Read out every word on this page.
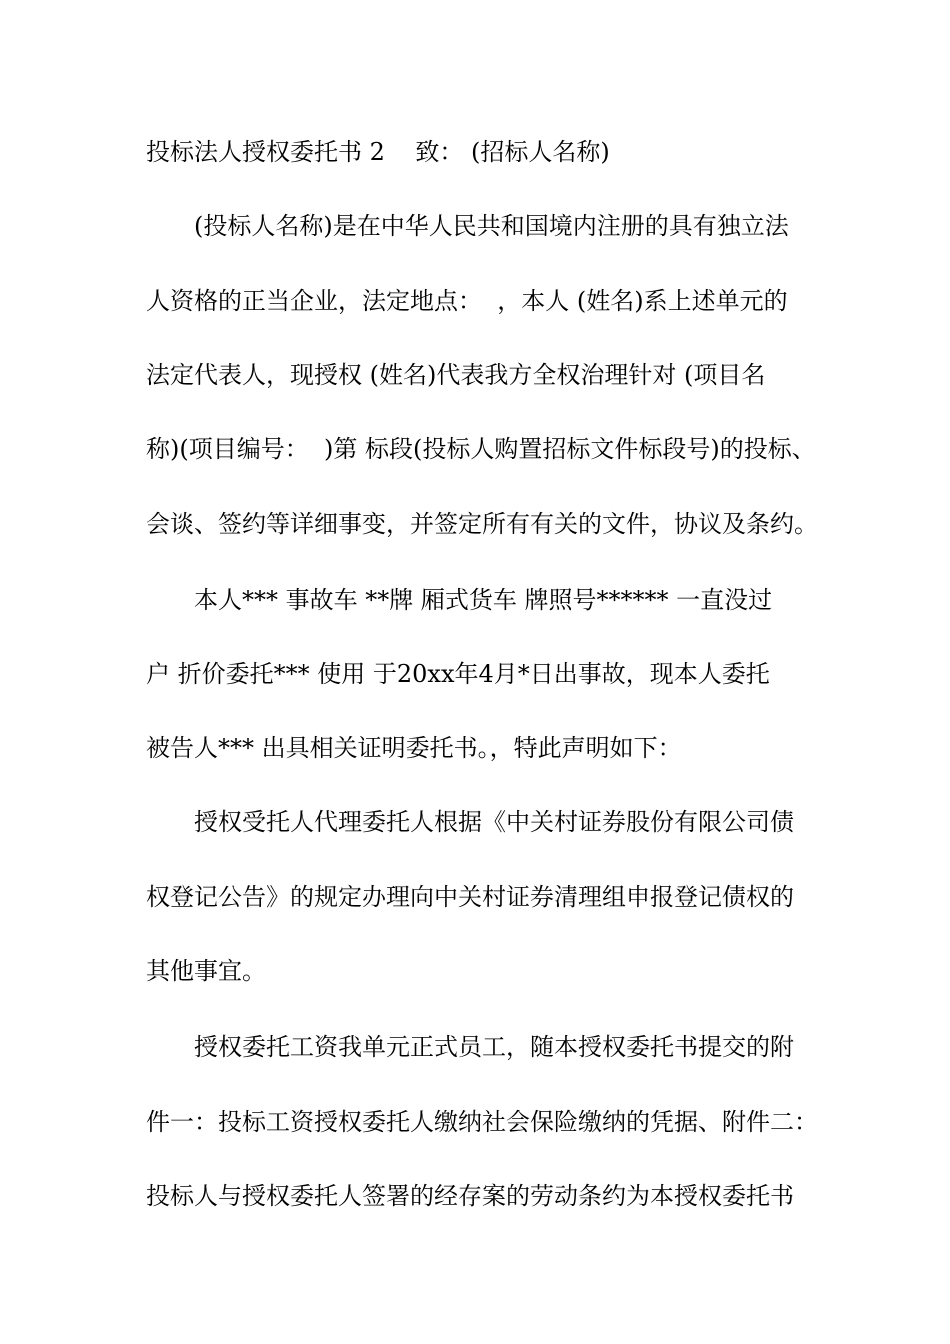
投标法人授权委托书 2    致： (招标人名称)

(投标人名称)是在中华人民共和国境内注册的具有独立法

人资格的正当企业，法定地点：  ，本人 (姓名)系上述单元的

法定代表人，现授权 (姓名)代表我方全权治理针对 (项目名

称)(项目编号：  )第 标段(投标人购置招标文件标段号)的投标、

会谈、签约等详细事变，并签定所有有关的文件，协议及条约。

本人*** 事故车 **牌 厢式货车 牌照号****** 一直没过

户 折价委托*** 使用 于20xx年4月*日出事故，现本人委托

被告人*** 出具相关证明委托书。，特此声明如下：

授权受托人代理委托人根据《中关村证券股份有限公司债

权登记公告》的规定办理向中关村证券清理组申报登记债权的

其他事宜。

授权委托工资我单元正式员工，随本授权委托书提交的附

件一：投标工资授权委托人缴纳社会保险缴纳的凭据、附件二：

投标人与授权委托人签署的经存案的劳动条约为本授权委托书
